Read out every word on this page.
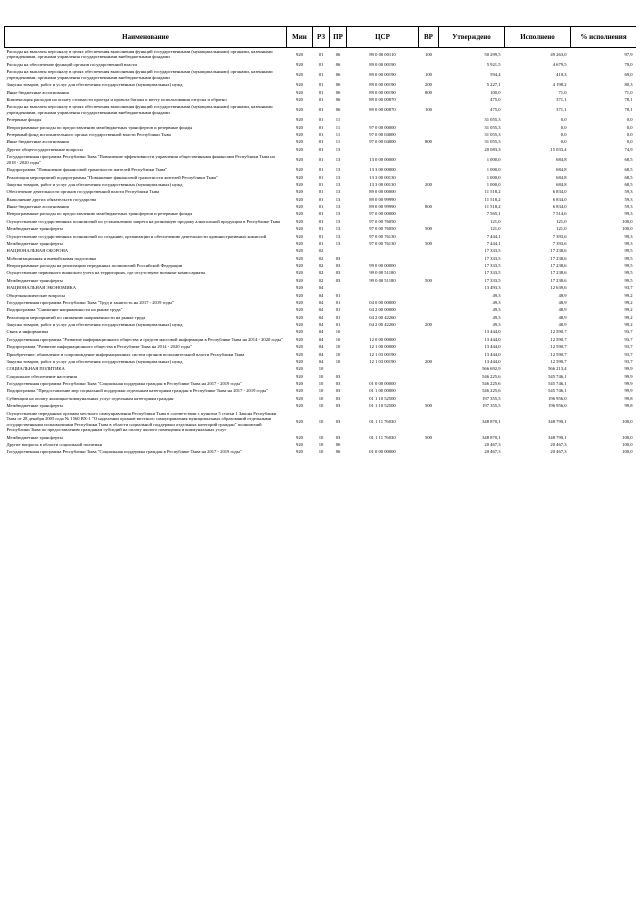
Наименование	Мин	РЗ	ПР	ЦСР	ВР	Утверждено	Исполнено	% исполнения
Расходы на выплаты персоналу в целях обеспечения выполнения функций государственными (муниципальными) органами, казенными учреждениями, органами управления государственными внебюджетными фондами	920	01	06	89 0 00 00110	100	50 299,5	49 263,0	97,9
Расходы на обеспечение функций органов государственной власти	920	01	06	89 0 00 00190		5 921,5	4 679,5	79,0
Расходы на выплаты персоналу в целях обеспечения выполнения функций государственными (муниципальными) органами, казенными учреждениями, органами управления государственными внебюджетными фондами	920	01	06	89 0 00 00190	100	594,4	410,3	69,0
Закупка товаров, работ и услуг для обеспечения государственных (муниципальных) нужд	920	01	06	89 0 00 00190	200	5 227,1	4 198,2	80,3
Иные бюджетные ассигнования	920	01	06	89 0 00 00190	800	100,0	71,0	71,0
Компенсация расходов на оплату стоимости проезда и провоза багажа к месту использования отпуска и обратно	920	01	06	89 0 00 00870		475,0	371,1	78,1
Расходы на выплаты персоналу в целях обеспечения выполнения функций государственными (муниципальными) органами, казенными учреждениями, органами управления государственными внебюджетными фондами	920	01	06	89 0 00 00870	100	475,0	371,1	78,1
Резервные фонды	920	01	11			31 055,3	0,0	0,0
Непрограммные расходы по предоставлению межбюджетных трансфертов и резервные фонды	920	01	11	97 0 00 00000		31 055,3	0,0	0,0
Резервный фонд исполнительного органа государственной власти Республики Тыва	920	01	11	97 0 00 04000		31 055,3	0,0	0,0
Иные бюджетные ассигнования	920	01	11	97 0 00 04000	800	31 055,3	0,0	0,0
Другие общегосударственные вопросы	920	01	13			20 083,3	15 033,4	74,9
Государственная программа Республики Тыва "Повышение эффективности управления общественными финансами Республики Тыва на 2018 - 2020 годы"	920	01	13	13 0 00 00000		1 000,0	684,8	68,5
Подпрограмма "Повышение финансовой грамотности жителей Республики Тыва"	920	01	13	13 3 00 00000		1 000,0	684,8	68,5
Реализация мероприятий подпрограммы "Повышение финансовой грамотности жителей Республики Тыва"	920	01	13	13 3 00 00130		1 000,0	684,8	68,5
Закупка товаров, работ и услуг для обеспечения государственных (муниципальных) нужд	920	01	13	13 3 00 00130	200	1 000,0	684,8	68,5
Обеспечение деятельности органов государственной власти Республики Тыва	920	01	13	89 0 00 00000		11 518,2	6 834,0	59,3
Выполнение других обязательств государства	920	01	13	89 0 00 99990		11 518,2	6 834,0	59,3
Иные бюджетные ассигнования	920	01	13	89 0 00 99990	800	11 518,2	6 834,0	59,3
Непрограммные расходы по предоставлению межбюджетных трансфертов и резервные фонды	920	01	13	97 0 00 00000		7 565,1	7 514,6	99,3
Осуществление государственных полномочий по установлению запрета на розничную продажу алкогольной продукции в Республике Тыва	920	01	13	97 0 00 76050		121,0	121,0	100,0
Межбюджетные трансферты	920	01	13	97 0 00 76050	500	121,0	121,0	100,0
Осуществление государственных полномочий по созданию, организации и обеспечению деятельности административных комиссий	920	01	13	97 0 00 76130		7 444,1	7 393,6	99,3
Межбюджетные трансферты	920	01	13	97 0 00 76130	500	7 444,1	7 393,6	99,3
НАЦИОНАЛЬНАЯ ОБОРОНА	920	02				17 333,5	17 238,6	99,5
Мобилизационная и вневойсковая подготовка	920	02	03			17 333,5	17 238,6	99,5
Непрограммные расходы на реализацию переданных полномочий Российской Федерации	920	02	03	99 0 00 00000		17 333,5	17 238,6	99,5
Осуществление первичного воинского учета на территориях, где отсутствуют военные комиссариаты	920	02	03	99 0 00 51180		17 333,5	17 238,6	99,5
Межбюджетные трансферты	920	02	03	99 0 00 51180	500	17 333,5	17 238,6	99,5
НАЦИОНАЛЬНАЯ ЭКОНОМИКА	920	04				13 493,3	12 639,6	93,7
Общеэкономические вопросы	920	04	01			49,3	48,9	99,2
Государственная программа Республики Тыва "Труд и занятость на 2017 - 2019 годы"	920	04	01	04 0 00 00000		49,3	48,9	99,2
Подпрограмма "Снижение напряженности на рынке труда"	920	04	01	04 2 00 00000		49,3	48,9	99,2
Реализация мероприятий по снижению напряженности на рынке труда	920	04	01	04 2 00 42260		49,3	48,9	99,2
Закупка товаров, работ и услуг для обеспечения государственных (муниципальных) нужд	920	04	01	04 2 00 42260	200	49,3	48,9	99,2
Связь и информатика	920	04	10			13 444,0	12 590,7	93,7
Государственная программа "Развитие информационного общества и средств массовой информации в Республике Тыва на 2014 - 2020 годы"	920	04	10	12 0 00 00000		13 444,0	12 590,7	93,7
Подпрограмма "Развитие информационного общества в Республике Тыва на 2014 - 2020 годы"	920	04	10	12 1 00 00000		13 444,0	12 590,7	93,7
Приобретение, обновление и сопровождение информационных систем органов исполнительной власти Республики Тыва	920	04	10	12 1 03 00190		13 444,0	12 590,7	93,7
Закупка товаров, работ и услуг для обеспечения государственных (муниципальных) нужд	920	04	10	12 1 03 00190	200	13 444,0	12 590,7	93,7
СОЦИАЛЬНАЯ ПОЛИТИКА	920	10				566 692,9	566 213,4	99,9
Социальное обеспечение населения	920	10	03			546 225,6	545 746,1	99,9
Государственная программа Республики Тыва "Социальная поддержка граждан в Республике Тыва на 2017 - 2019 годы"	920	10	03	01 0 00 00000		546 225,6	545 746,1	99,9
Подпрограмма "Предоставление мер социальной поддержки отдельным категориям граждан в Республике Тыва на 2017 - 2019 годы"	920	10	03	01 1 00 00000		546 225,6	545 746,1	99,9
Субвенции на оплату жилищно-коммунальных услуг отдельным категориям граждан	920	10	03	01 1 10 52500		197 355,5	196 956,0	99,8
Межбюджетные трансферты	920	10	03	01 1 10 52500	500	197 355,5	196 956,0	99,8
Осуществление переданных органам местного самоуправления Республики Тыва в соответствии с пунктом 5 статьи 1 Закона Республики Тыва от 28 декабря 2005 года № 1560 ВХ-1 "О наделении органов местного самоуправления муниципальных образований отдельными государственными полномочиями Республики Тыва в области социальной поддержки отдельных категорий граждан" полномочий Республики Тыва по предоставлению гражданам субсидий на оплату жилого помещения и коммунальных услуг	920	10	03	01 1 11 76030		348 870,1	348 790,1	100,0
Межбюджетные трансферты	920	10	03	01 1 11 76030	500	348 870,1	348 790,1	100,0
Другие вопросы в области социальной политики	920	10	06			20 467,3	20 467,3	100,0
Государственная программа Республики Тыва "Социальная поддержка граждан в Республике Тыва на 2017 - 2019 годы"	920	10	06	01 0 00 00000		20 467,3	20 467,3	100,0
